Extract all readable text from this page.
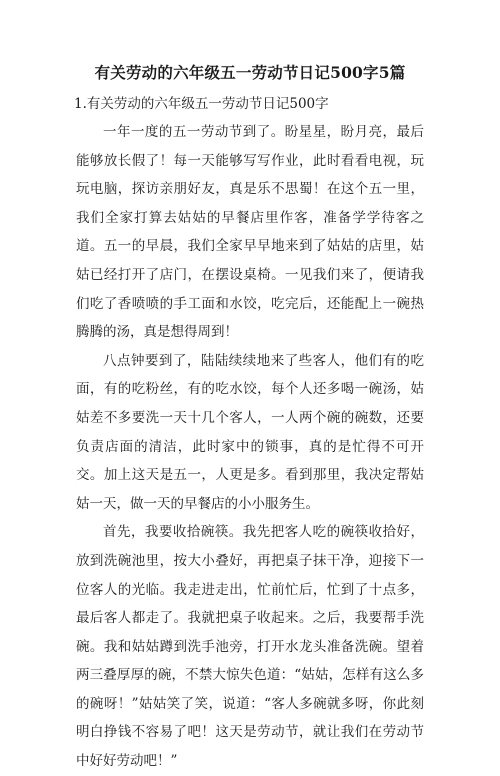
有关劳动的六年级五一劳动节日记500字5篇
1.有关劳动的六年级五一劳动节日记500字

一年一度的五一劳动节到了。盼星星，盼月亮，最后能够放长假了！每一天能够写写作业，此时看看电视，玩玩电脑，探访亲朋好友，真是乐不思蜀！在这个五一里，我们全家打算去姑姑的早餐店里作客，准备学学待客之道。五一的早晨，我们全家早早地来到了姑姑的店里，姑姑已经打开了店门，在摆设桌椅。一见我们来了，便请我们吃了香喷喷的手工面和水饺，吃完后，还能配上一碗热腾腾的汤，真是想得周到！

八点钟要到了，陆陆续续地来了些客人，他们有的吃面，有的吃粉丝，有的吃水饺，每个人还多喝一碗汤，姑姑差不多要洗一天十几个客人，一人两个碗的碗数，还要负责店面的清洁，此时家中的锁事，真的是忙得不可开交。加上这天是五一，人更是多。看到那里，我决定帮姑姑一天，做一天的早餐店的小小服务生。

首先，我要收拾碗筷。我先把客人吃的碗筷收拾好，放到洗碗池里，按大小叠好，再把桌子抹干净，迎接下一位客人的光临。我走进走出，忙前忙后，忙到了十点多，最后客人都走了。我就把桌子收起来。之后，我要帮手洗碗。我和姑姑蹲到洗手池旁，打开水龙头准备洗碗。望着两三叠厚厚的碗，不禁大惊失色道：“姑姑，怎样有这么多的碗呀！”姑姑笑了笑，说道：“客人多碗就多呀，你此刻明白挣钱不容易了吧！这天是劳动节，就让我们在劳动节中好好劳动吧！”
